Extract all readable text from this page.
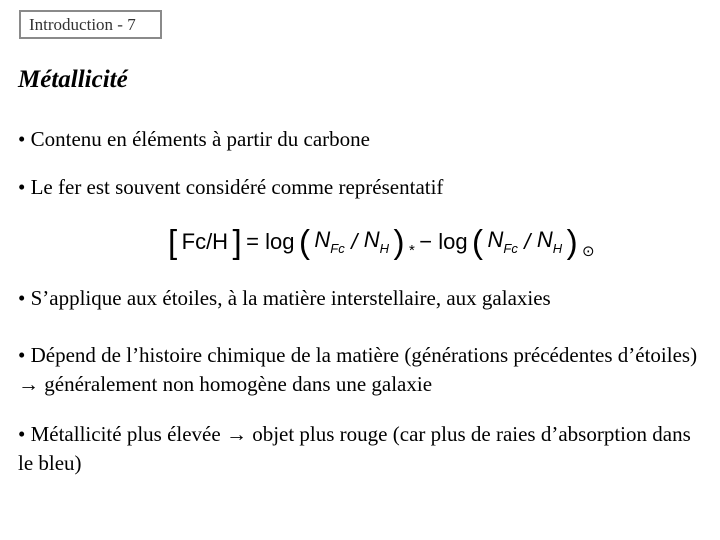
Introduction - 7
Métallicité
• Contenu en éléments à partir du carbone
• Le fer est souvent considéré comme représentatif
[ Fc/H ] = log ( $N_{Fc} / N_H$ ) * − log ( $N_{Fc} / N_H$ ) ⊙
• S’applique aux étoiles, à la matière interstellaire, aux galaxies
• Dépend de l’histoire chimique de la matière (générations précédentes d’étoiles) → généralement non homogène dans une galaxie
• Métallicité plus élevée → objet plus rouge (car plus de raies d’absorption dans le bleu)
